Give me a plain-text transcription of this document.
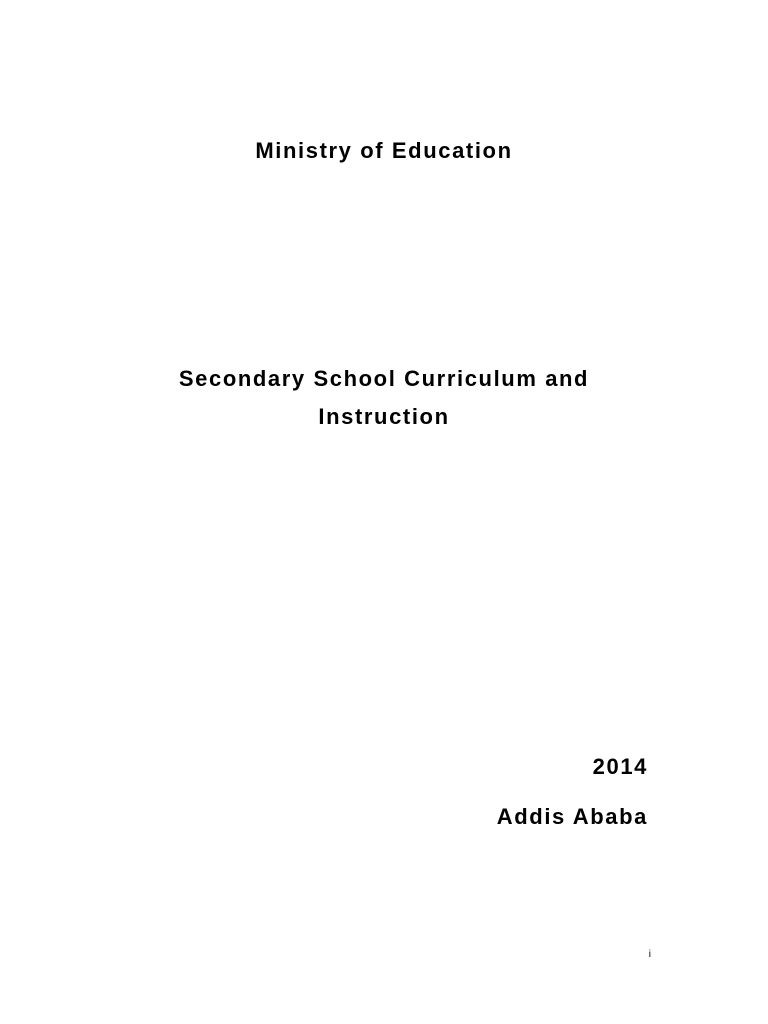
Ministry of Education
Secondary School Curriculum and
Instruction
2014
Addis Ababa
i
